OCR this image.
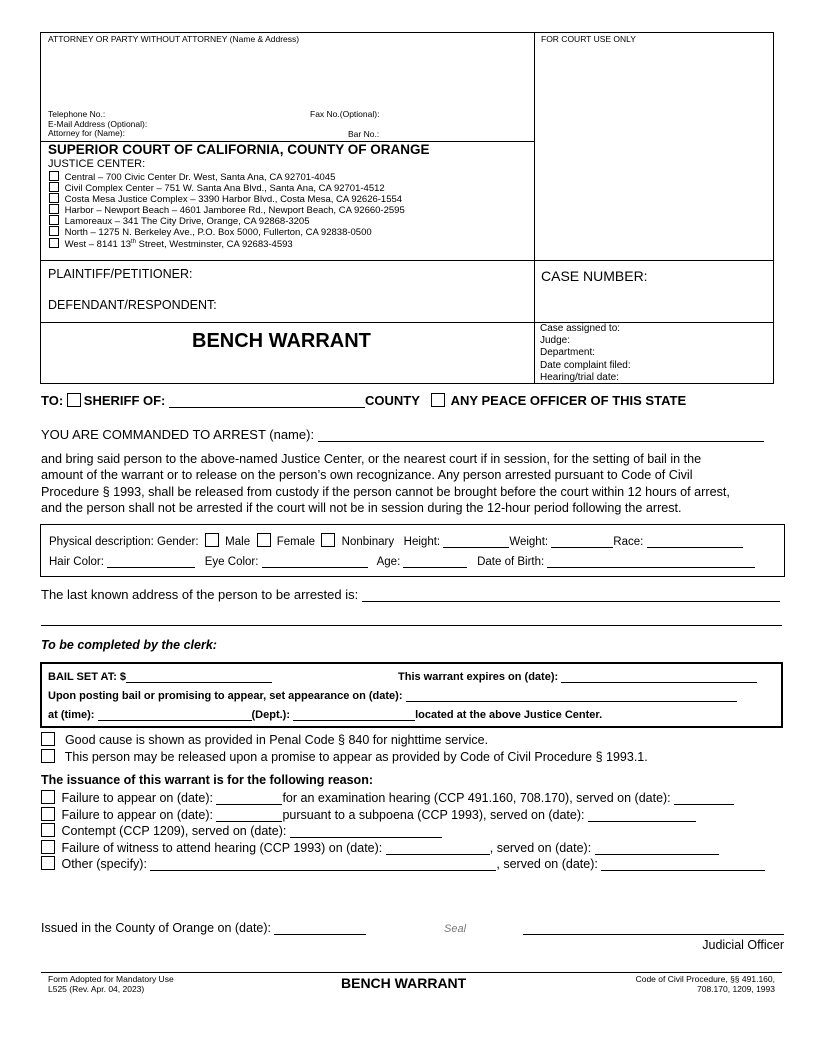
ATTORNEY OR PARTY WITHOUT ATTORNEY (Name & Address)	FOR COURT USE ONLY
Telephone No.:	Fax No.(Optional):
E-Mail Address (Optional):
Attorney for (Name):	Bar No.:
SUPERIOR COURT OF CALIFORNIA, COUNTY OF ORANGE
JUSTICE CENTER:
Central – 700 Civic Center Dr. West, Santa Ana, CA 92701-4045
Civil Complex Center – 751 W. Santa Ana Blvd., Santa Ana, CA 92701-4512
Costa Mesa Justice Complex – 3390 Harbor Blvd., Costa Mesa, CA 92626-1554
Harbor – Newport Beach – 4601 Jamboree Rd., Newport Beach, CA 92660-2595
Lamoreaux – 341 The City Drive, Orange, CA 92868-3205
North – 1275 N. Berkeley Ave., P.O. Box 5000, Fullerton, CA 92838-0500
West – 8141 13th Street, Westminster, CA 92683-4593
PLAINTIFF/PETITIONER:
DEFENDANT/RESPONDENT:
CASE NUMBER:
BENCH WARRANT
Case assigned to:
Judge:
Department:
Date complaint filed:
Hearing/trial date:
TO: SHERIFF OF:	COUNTY ANY PEACE OFFICER OF THIS STATE
YOU ARE COMMANDED TO ARREST (name):
and bring said person to the above-named Justice Center, or the nearest court if in session, for the setting of bail in the
amount of the warrant or to release on the person’s own recognizance. Any person arrested pursuant to Code of Civil
Procedure § 1993, shall be released from custody if the person cannot be brought before the court within 12 hours of arrest,
and the person shall not be arrested if the court will not be in session during the 12-hour period following the arrest.
Physical description: Gender: Male Female Nonbinary Height:	Weight:	Race:
Hair Color:	Eye Color:	Age:	Date of Birth:
The last known address of the person to be arrested is:
To be completed by the clerk:
BAIL SET AT: $	This warrant expires on (date):
Upon posting bail or promising to appear, set appearance on (date):
at (time):	(Dept.):	located at the above Justice Center.
Good cause is shown as provided in Penal Code § 840 for nighttime service.
This person may be released upon a promise to appear as provided by Code of Civil Procedure § 1993.1.
The issuance of this warrant is for the following reason:
Failure to appear on (date):	for an examination hearing (CCP 491.160, 708.170), served on (date):
Failure to appear on (date):	pursuant to a subpoena (CCP 1993), served on (date):
Contempt (CCP 1209), served on (date):
Failure of witness to attend hearing (CCP 1993) on (date):	, served on (date):
Other (specify):	, served on (date):
Issued in the County of Orange on (date):	Seal
Judicial Officer
Form Adopted for Mandatory Use
L525 (Rev. Apr. 04, 2023)	BENCH WARRANT	Code of Civil Procedure, §§ 491.160,
708.170, 1209, 1993
